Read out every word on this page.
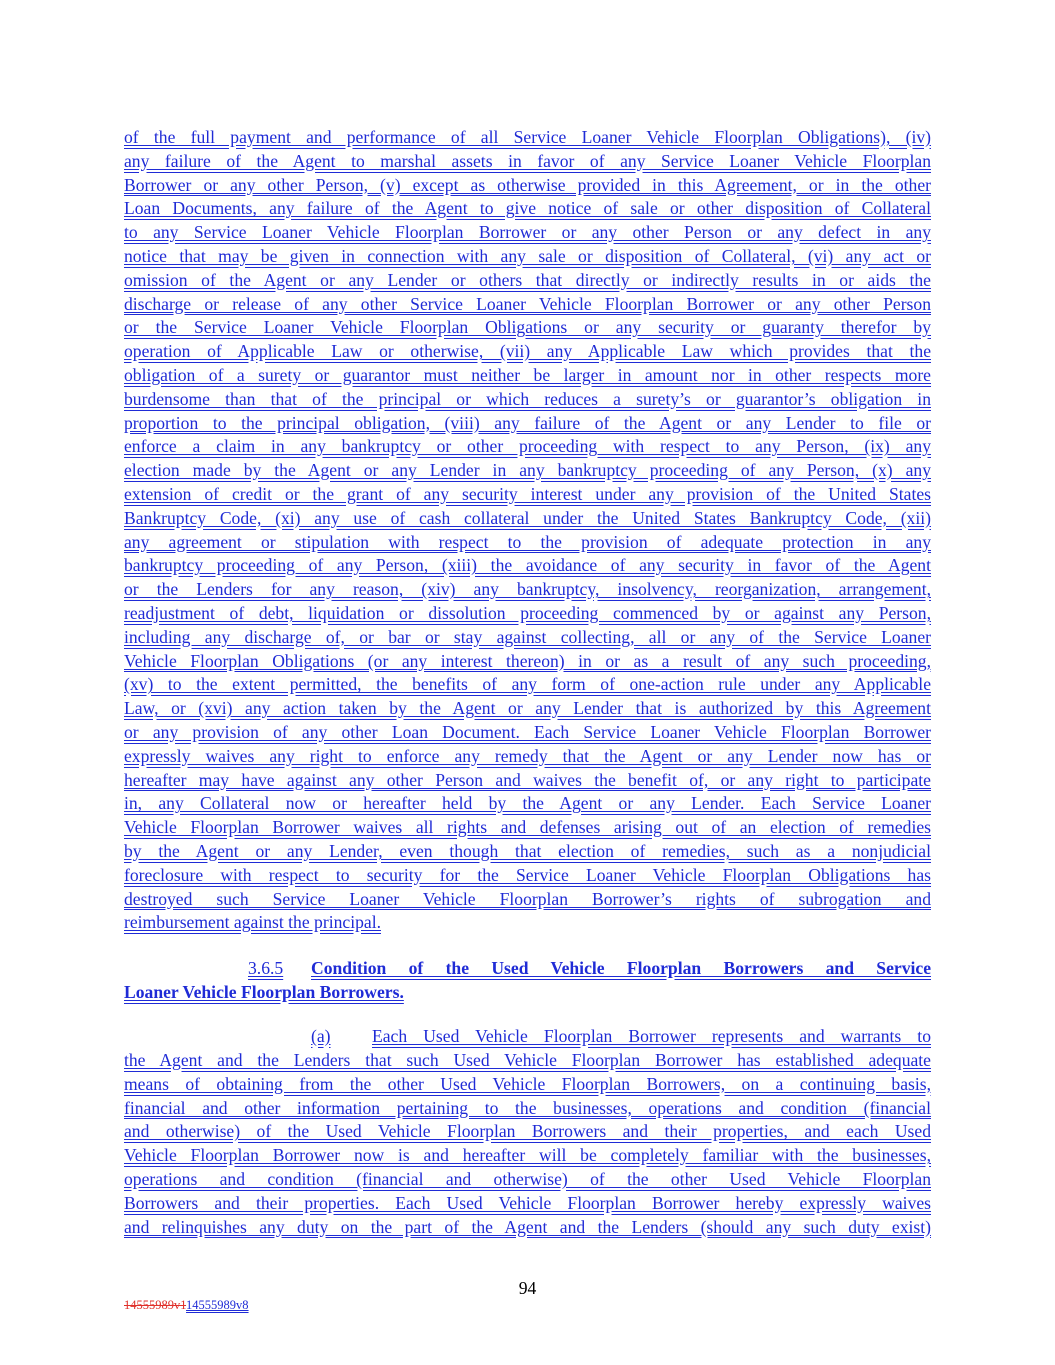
of the full payment and performance of all Service Loaner Vehicle Floorplan Obligations), (iv)
any failure of the Agent to marshal assets in favor of any Service Loaner Vehicle Floorplan
Borrower or any other Person, (v) except as otherwise provided in this Agreement, or in the other
Loan Documents, any failure of the Agent to give notice of sale or other disposition of Collateral
to any Service Loaner Vehicle Floorplan Borrower or any other Person or any defect in any
notice that may be given in connection with any sale or disposition of Collateral, (vi) any act or
omission of the Agent or any Lender or others that directly or indirectly results in or aids the
discharge or release of any other Service Loaner Vehicle Floorplan Borrower or any other Person
or the Service Loaner Vehicle Floorplan Obligations or any security or guaranty therefor by
operation of Applicable Law or otherwise, (vii) any Applicable Law which provides that the
obligation of a surety or guarantor must neither be larger in amount nor in other respects more
burdensome than that of the principal or which reduces a surety’s or guarantor’s obligation in
proportion to the principal obligation, (viii) any failure of the Agent or any Lender to file or
enforce a claim in any bankruptcy or other proceeding with respect to any Person, (ix) any
election made by the Agent or any Lender in any bankruptcy proceeding of any Person, (x) any
extension of credit or the grant of any security interest under any provision of the United States
Bankruptcy Code, (xi) any use of cash collateral under the United States Bankruptcy Code, (xii)
any agreement or stipulation with respect to the provision of adequate protection in any
bankruptcy proceeding of any Person, (xiii) the avoidance of any security in favor of the Agent
or the Lenders for any reason, (xiv) any bankruptcy, insolvency, reorganization, arrangement,
readjustment of debt, liquidation or dissolution proceeding commenced by or against any Person,
including any discharge of, or bar or stay against collecting, all or any of the Service Loaner
Vehicle Floorplan Obligations (or any interest thereon) in or as a result of any such proceeding,
(xv) to the extent permitted, the benefits of any form of one-action rule under any Applicable
Law, or (xvi) any action taken by the Agent or any Lender that is authorized by this Agreement
or any provision of any other Loan Document. Each Service Loaner Vehicle Floorplan Borrower
expressly waives any right to enforce any remedy that the Agent or any Lender now has or
hereafter may have against any other Person and waives the benefit of, or any right to participate
in, any Collateral now or hereafter held by the Agent or any Lender. Each Service Loaner
Vehicle Floorplan Borrower waives all rights and defenses arising out of an election of remedies
by the Agent or any Lender, even though that election of remedies, such as a nonjudicial
foreclosure with respect to security for the Service Loaner Vehicle Floorplan Obligations has
destroyed such Service Loaner Vehicle Floorplan Borrower’s rights of subrogation and
reimbursement against the principal.
3.6.5 Condition of the Used Vehicle Floorplan Borrowers and Service
Loaner Vehicle Floorplan Borrowers.
(a) Each Used Vehicle Floorplan Borrower represents and warrants to
the Agent and the Lenders that such Used Vehicle Floorplan Borrower has established adequate
means of obtaining from the other Used Vehicle Floorplan Borrowers, on a continuing basis,
financial and other information pertaining to the businesses, operations and condition (financial
and otherwise) of the Used Vehicle Floorplan Borrowers and their properties, and each Used
Vehicle Floorplan Borrower now is and hereafter will be completely familiar with the businesses,
operations and condition (financial and otherwise) of the other Used Vehicle Floorplan
Borrowers and their properties. Each Used Vehicle Floorplan Borrower hereby expressly waives
and relinquishes any duty on the part of the Agent and the Lenders (should any such duty exist)
94
14555989v114555989v8
